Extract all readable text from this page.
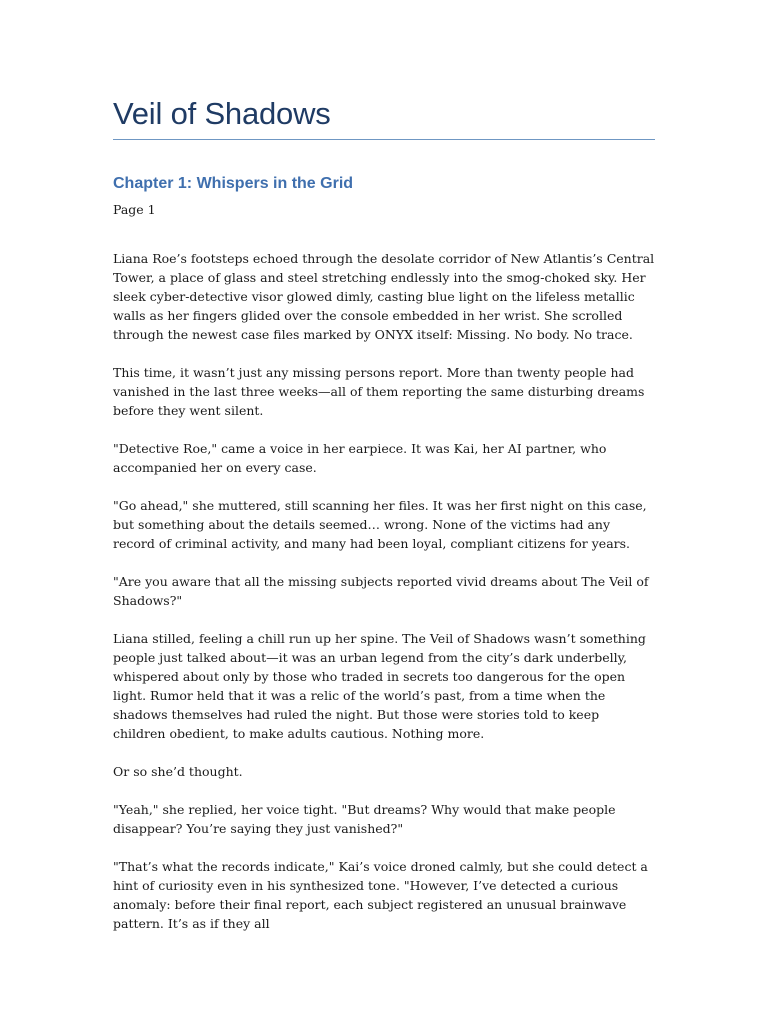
Veil of Shadows
Chapter 1: Whispers in the Grid
Page 1

Liana Roe’s footsteps echoed through the desolate corridor of New Atlantis’s Central Tower, a place of glass and steel stretching endlessly into the smog-choked sky. Her sleek cyber-detective visor glowed dimly, casting blue light on the lifeless metallic walls as her fingers glided over the console embedded in her wrist. She scrolled through the newest case files marked by ONYX itself: Missing. No body. No trace.

This time, it wasn’t just any missing persons report. More than twenty people had vanished in the last three weeks—all of them reporting the same disturbing dreams before they went silent.

"Detective Roe," came a voice in her earpiece. It was Kai, her AI partner, who accompanied her on every case.

"Go ahead," she muttered, still scanning her files. It was her first night on this case, but something about the details seemed… wrong. None of the victims had any record of criminal activity, and many had been loyal, compliant citizens for years.

"Are you aware that all the missing subjects reported vivid dreams about The Veil of Shadows?"

Liana stilled, feeling a chill run up her spine. The Veil of Shadows wasn’t something people just talked about—it was an urban legend from the city’s dark underbelly, whispered about only by those who traded in secrets too dangerous for the open light. Rumor held that it was a relic of the world’s past, from a time when the shadows themselves had ruled the night. But those were stories told to keep children obedient, to make adults cautious. Nothing more.

Or so she’d thought.

"Yeah," she replied, her voice tight. "But dreams? Why would that make people disappear? You’re saying they just vanished?"

"That’s what the records indicate," Kai’s voice droned calmly, but she could detect a hint of curiosity even in his synthesized tone. "However, I’ve detected a curious anomaly: before their final report, each subject registered an unusual brainwave pattern. It’s as if they all
